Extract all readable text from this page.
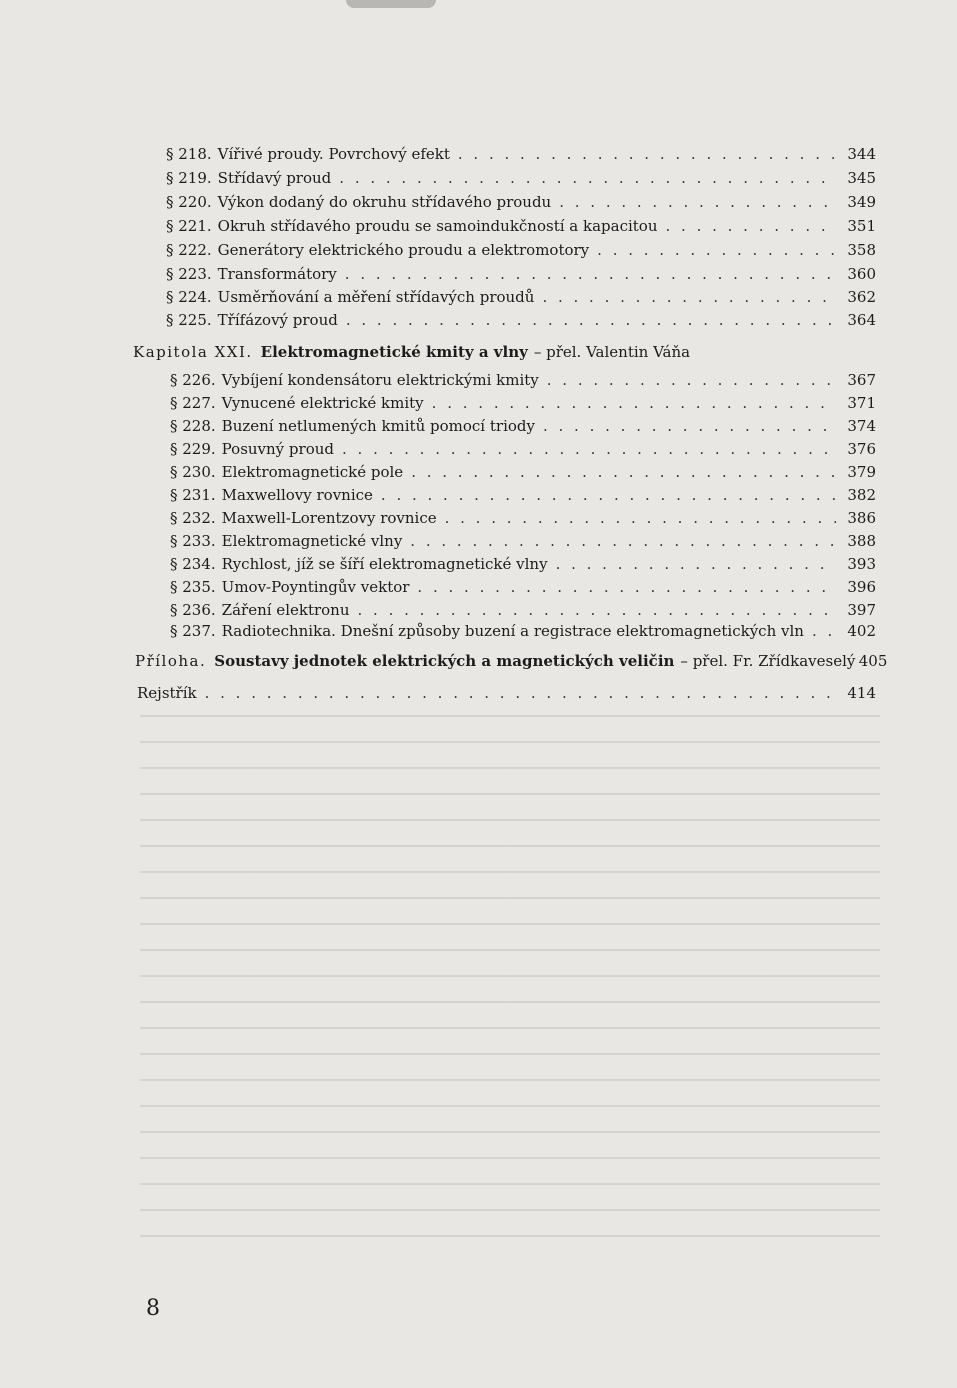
§ 218. Vířivé proudy. Povrchový efekt . . .	344
§ 219. Střídavý proud . . .	345
§ 220. Výkon dodaný do okruhu střídavého proudu . . .	349
§ 221. Okruh střídavého proudu se samoindukčností a kapacitou . . .	351
§ 222. Generátory elektrického proudu a elektromotory . . .	358
§ 223. Transformátory . . .	360
§ 224. Usměrňování a měření střídavých proudů . . .	362
§ 225. Třífázový proud . . .	364
Kapitola XXI. Elektromagnetické kmity a vlny – přel. Valentin Váňa
§ 226. Vybíjení kondensátoru elektrickými kmity . . .	367
§ 227. Vynucené elektrické kmity . . .	371
§ 228. Buzení netlumených kmitů pomocí triody . . .	374
§ 229. Posuvný proud . . .	376
§ 230. Elektromagnetické pole . . .	379
§ 231. Maxwellovy rovnice . . .	382
§ 232. Maxwell-Lorentzovy rovnice . . .	386
§ 233. Elektromagnetické vlny . . .	388
§ 234. Rychlost, jíž se šíří elektromagnetické vlny . . .	393
§ 235. Umov-Poyntingův vektor . . .	396
§ 236. Záření elektronu . . .	397
§ 237. Radiotechnika. Dnešní způsoby buzení a registrace elektromagnetických vln . . .	402
Příloha. Soustavy jednotek elektrických a magnetických veličin – přel. Fr. Zřídkaveselý 405
Rejstřík . . .	414
8
